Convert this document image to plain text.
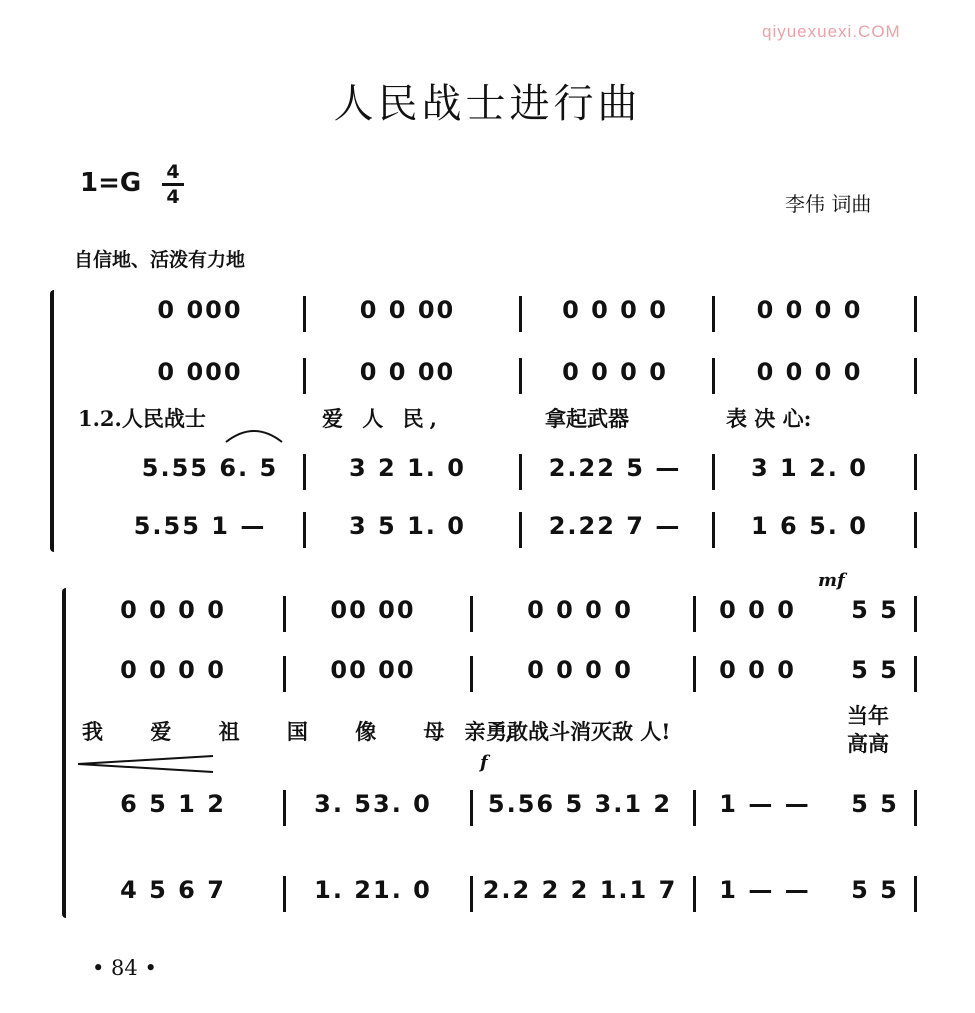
qiyuexuexi.COM
人民战士进行曲
1=G 4
4	李伟 词曲
自信地、活泼有力地
0 000	0 0 00	0 0 0 0	0 0 0 0
0 000	0 0 00	0 0 0 0	0 0 0 0
1.2.人民战士	爱 人 民,	拿起武器	表 决 心:
5.55 6. 5	3 2 1. 0	2.22 5 —	3 1 2. 0
5.55 1 —	3 5 1. 0	2.22 7 —	1 6 5. 0
mf
0 0 0 0	00 00	0 0 0 0	0 0 0	5 5
0 0 0 0	00 00	0 0 0 0	0 0 0	5 5
我 爱 祖 国 像 母亲,
勇敢战斗消灭敌 人!
当年
高高
f
6 5 1 2	3. 53. 0	5.56 5 3.1 2	1 — —	5 5
4 5 6 7	1. 21. 0	2.2 2 2 1.1 7	1 — —	5 5
• 84 •
